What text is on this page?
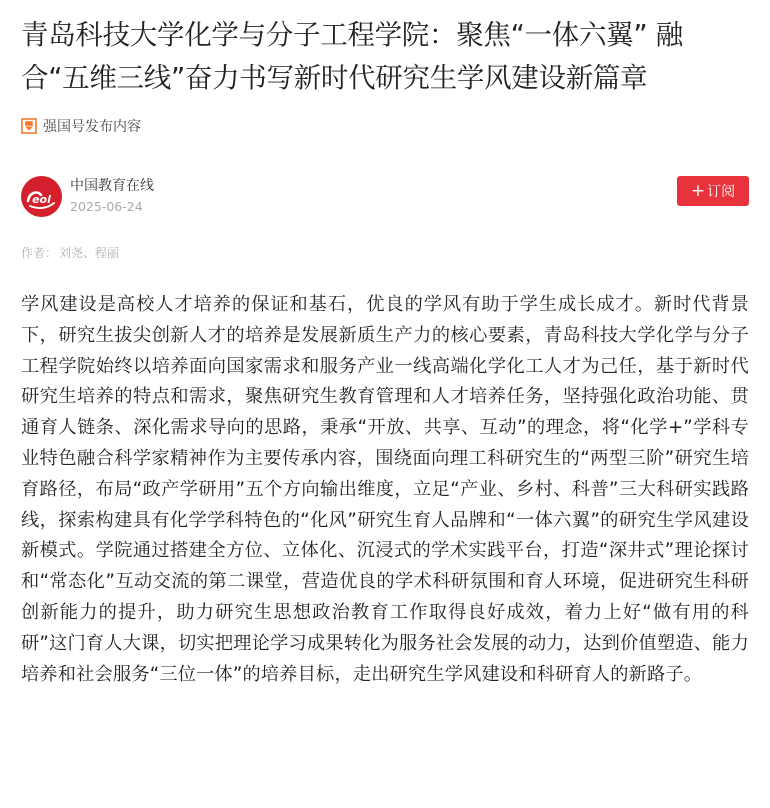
青岛科技大学化学与分子工程学院：聚焦“一体六翼” 融合“五维三线”奋力书写新时代研究生学风建设新篇章
强国号发布内容
eol
中国教育在线
2025-06-24
+ 订阅
作者： 刘尧、程丽

学风建设是高校人才培养的保证和基石，优良的学风有助于学生成长成才。新时代背景下，研究生拔尖创新人才的培养是发展新质生产力的核心要素，青岛科技大学化学与分子工程学院始终以培养面向国家需求和服务产业一线高端化学化工人才为己任，基于新时代研究生培养的特点和需求，聚焦研究生教育管理和人才培养任务，坚持强化政治功能、贯通育人链条、深化需求导向的思路，秉承“开放、共享、互动”的理念，将“化学+”学科专业特色融合科学家精神作为主要传承内容，围绕面向理工科研究生的“两型三阶”研究生培育路径，布局“政产学研用”五个方向输出维度，立足“产业、乡村、科普”三大科研实践路线，探索构建具有化学学科特色的“化风”研究生育人品牌和“一体六翼”的研究生学风建设新模式。学院通过搭建全方位、立体化、沉浸式的学术实践平台，打造“深井式”理论探讨和“常态化”互动交流的第二课堂，营造优良的学术科研氛围和育人环境，促进研究生科研创新能力的提升，助力研究生思想政治教育工作取得良好成效，着力上好“做有用的科研”这门育人大课，切实把理论学习成果转化为服务社会发展的动力，达到价值塑造、能力培养和社会服务“三位一体”的培养目标，走出研究生学风建设和科研育人的新路子。
